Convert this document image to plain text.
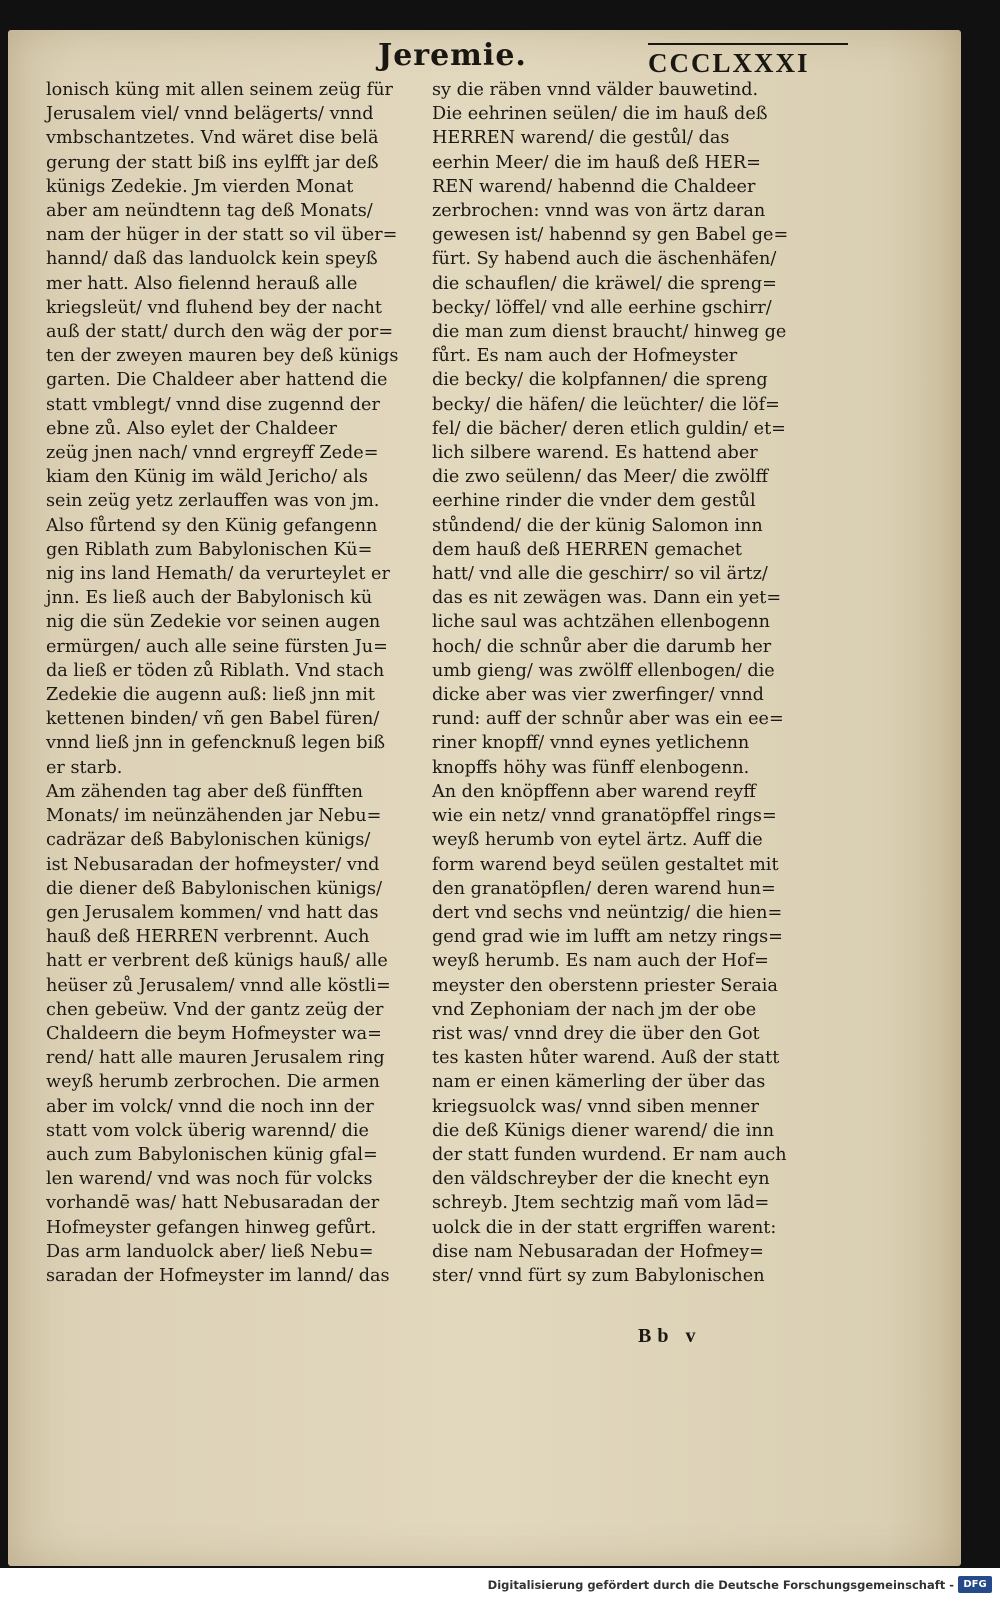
Jeremie.	CCCLXXXI

lonisch küng mit allen seinem zeüg für
Jerusalem viel/ vnnd belägerts/ vnnd
vmbschantzetes. Vnd wäret dise belä
gerung der statt biß ins eylfft jar deß
künigs Zedekie. Jm vierden Monat
aber am neündtenn tag deß Monats/
nam der hüger in der statt so vil über=
hannd/ daß das landuolck kein speyß
mer hatt. Also fielennd herauß alle
kriegsleüt/ vnd fluhend bey der nacht
auß der statt/ durch den wäg der por=
ten der zweyen mauren bey deß künigs
garten. Die Chaldeer aber hattend die
statt vmblegt/ vnnd dise zugennd der
ebne zů. Also eylet der Chaldeer
zeüg jnen nach/ vnnd ergreyff Zede=
kiam den Künig im wäld Jericho/ als
sein zeüg yetz zerlauffen was von jm.
Also fůrtend sy den Künig gefangenn
gen Riblath zum Babylonischen Kü=
nig ins land Hemath/ da verurteylet er
jnn. Es ließ auch der Babylonisch kü
nig die sün Zedekie vor seinen augen
ermürgen/ auch alle seine fürsten Ju=
da ließ er töden zů Riblath. Vnd stach
Zedekie die augenn auß: ließ jnn mit
kettenen binden/ vñ gen Babel füren/
vnnd ließ jnn in gefencknuß legen biß
er starb.
Am zähenden tag aber deß fünfften
Monats/ im neünzähenden jar Nebu=
cadräzar deß Babylonischen künigs/
ist Nebusaradan der hofmeyster/ vnd
die diener deß Babylonischen künigs/
gen Jerusalem kommen/ vnd hatt das
hauß deß HERREN verbrennt. Auch
hatt er verbrent deß künigs hauß/ alle
heüser zů Jerusalem/ vnnd alle köstli=
chen gebeüw. Vnd der gantz zeüg der
Chaldeern die beym Hofmeyster wa=
rend/ hatt alle mauren Jerusalem ring
weyß herumb zerbrochen. Die armen
aber im volck/ vnnd die noch inn der
statt vom volck überig warennd/ die
auch zum Babylonischen künig gfal=
len warend/ vnd was noch für volcks
vorhandē was/ hatt Nebusaradan der
Hofmeyster gefangen hinweg gefůrt.
Das arm landuolck aber/ ließ Nebu=
saradan der Hofmeyster im lannd/ das
sy die räben vnnd välder bauwetind.
Die eehrinen seülen/ die im hauß deß
HERREN warend/ die gestůl/ das
eerhin Meer/ die im hauß deß HER=
REN warend/ habennd die Chaldeer
zerbrochen: vnnd was von ärtz daran
gewesen ist/ habennd sy gen Babel ge=
fürt. Sy habend auch die äschenhäfen/
die schauflen/ die kräwel/ die spreng=
becky/ löffel/ vnd alle eerhine gschirr/
die man zum dienst braucht/ hinweg ge
fůrt. Es nam auch der Hofmeyster
die becky/ die kolpfannen/ die spreng
becky/ die häfen/ die leüchter/ die löf=
fel/ die bächer/ deren etlich guldin/ et=
lich silbere warend. Es hattend aber
die zwo seülenn/ das Meer/ die zwölff
eerhine rinder die vnder dem gestůl
stůndend/ die der künig Salomon inn
dem hauß deß HERREN gemachet
hatt/ vnd alle die geschirr/ so vil ärtz/
das es nit zewägen was. Dann ein yet=
liche saul was achtzähen ellenbogenn
hoch/ die schnůr aber die darumb her
umb gieng/ was zwölff ellenbogen/ die
dicke aber was vier zwerfinger/ vnnd
rund: auff der schnůr aber was ein ee=
riner knopff/ vnnd eynes yetlichenn
knopffs höhy was fünff elenbogenn.
An den knöpffenn aber warend reyff
wie ein netz/ vnnd granatöpffel rings=
weyß herumb von eytel ärtz. Auff die
form warend beyd seülen gestaltet mit
den granatöpflen/ deren warend hun=
dert vnd sechs vnd neüntzig/ die hien=
gend grad wie im lufft am netzy rings=
weyß herumb. Es nam auch der Hof=
meyster den oberstenn priester Seraia
vnd Zephoniam der nach jm der obe
rist was/ vnnd drey die über den Got
tes kasten hůter warend. Auß der statt
nam er einen kämerling der über das
kriegsuolck was/ vnnd siben menner
die deß Künigs diener warend/ die inn
der statt funden wurdend. Er nam auch
den väldschreyber der die knecht eyn
schreyb. Jtem sechtzig mañ vom lād=
uolck die in der statt ergriffen warent:
dise nam Nebusaradan der Hofmey=
ster/ vnnd fürt sy zum Babylonischen

Bb v

Digitalisierung gefördert durch die Deutsche Forschungsgemeinschaft - DFG
